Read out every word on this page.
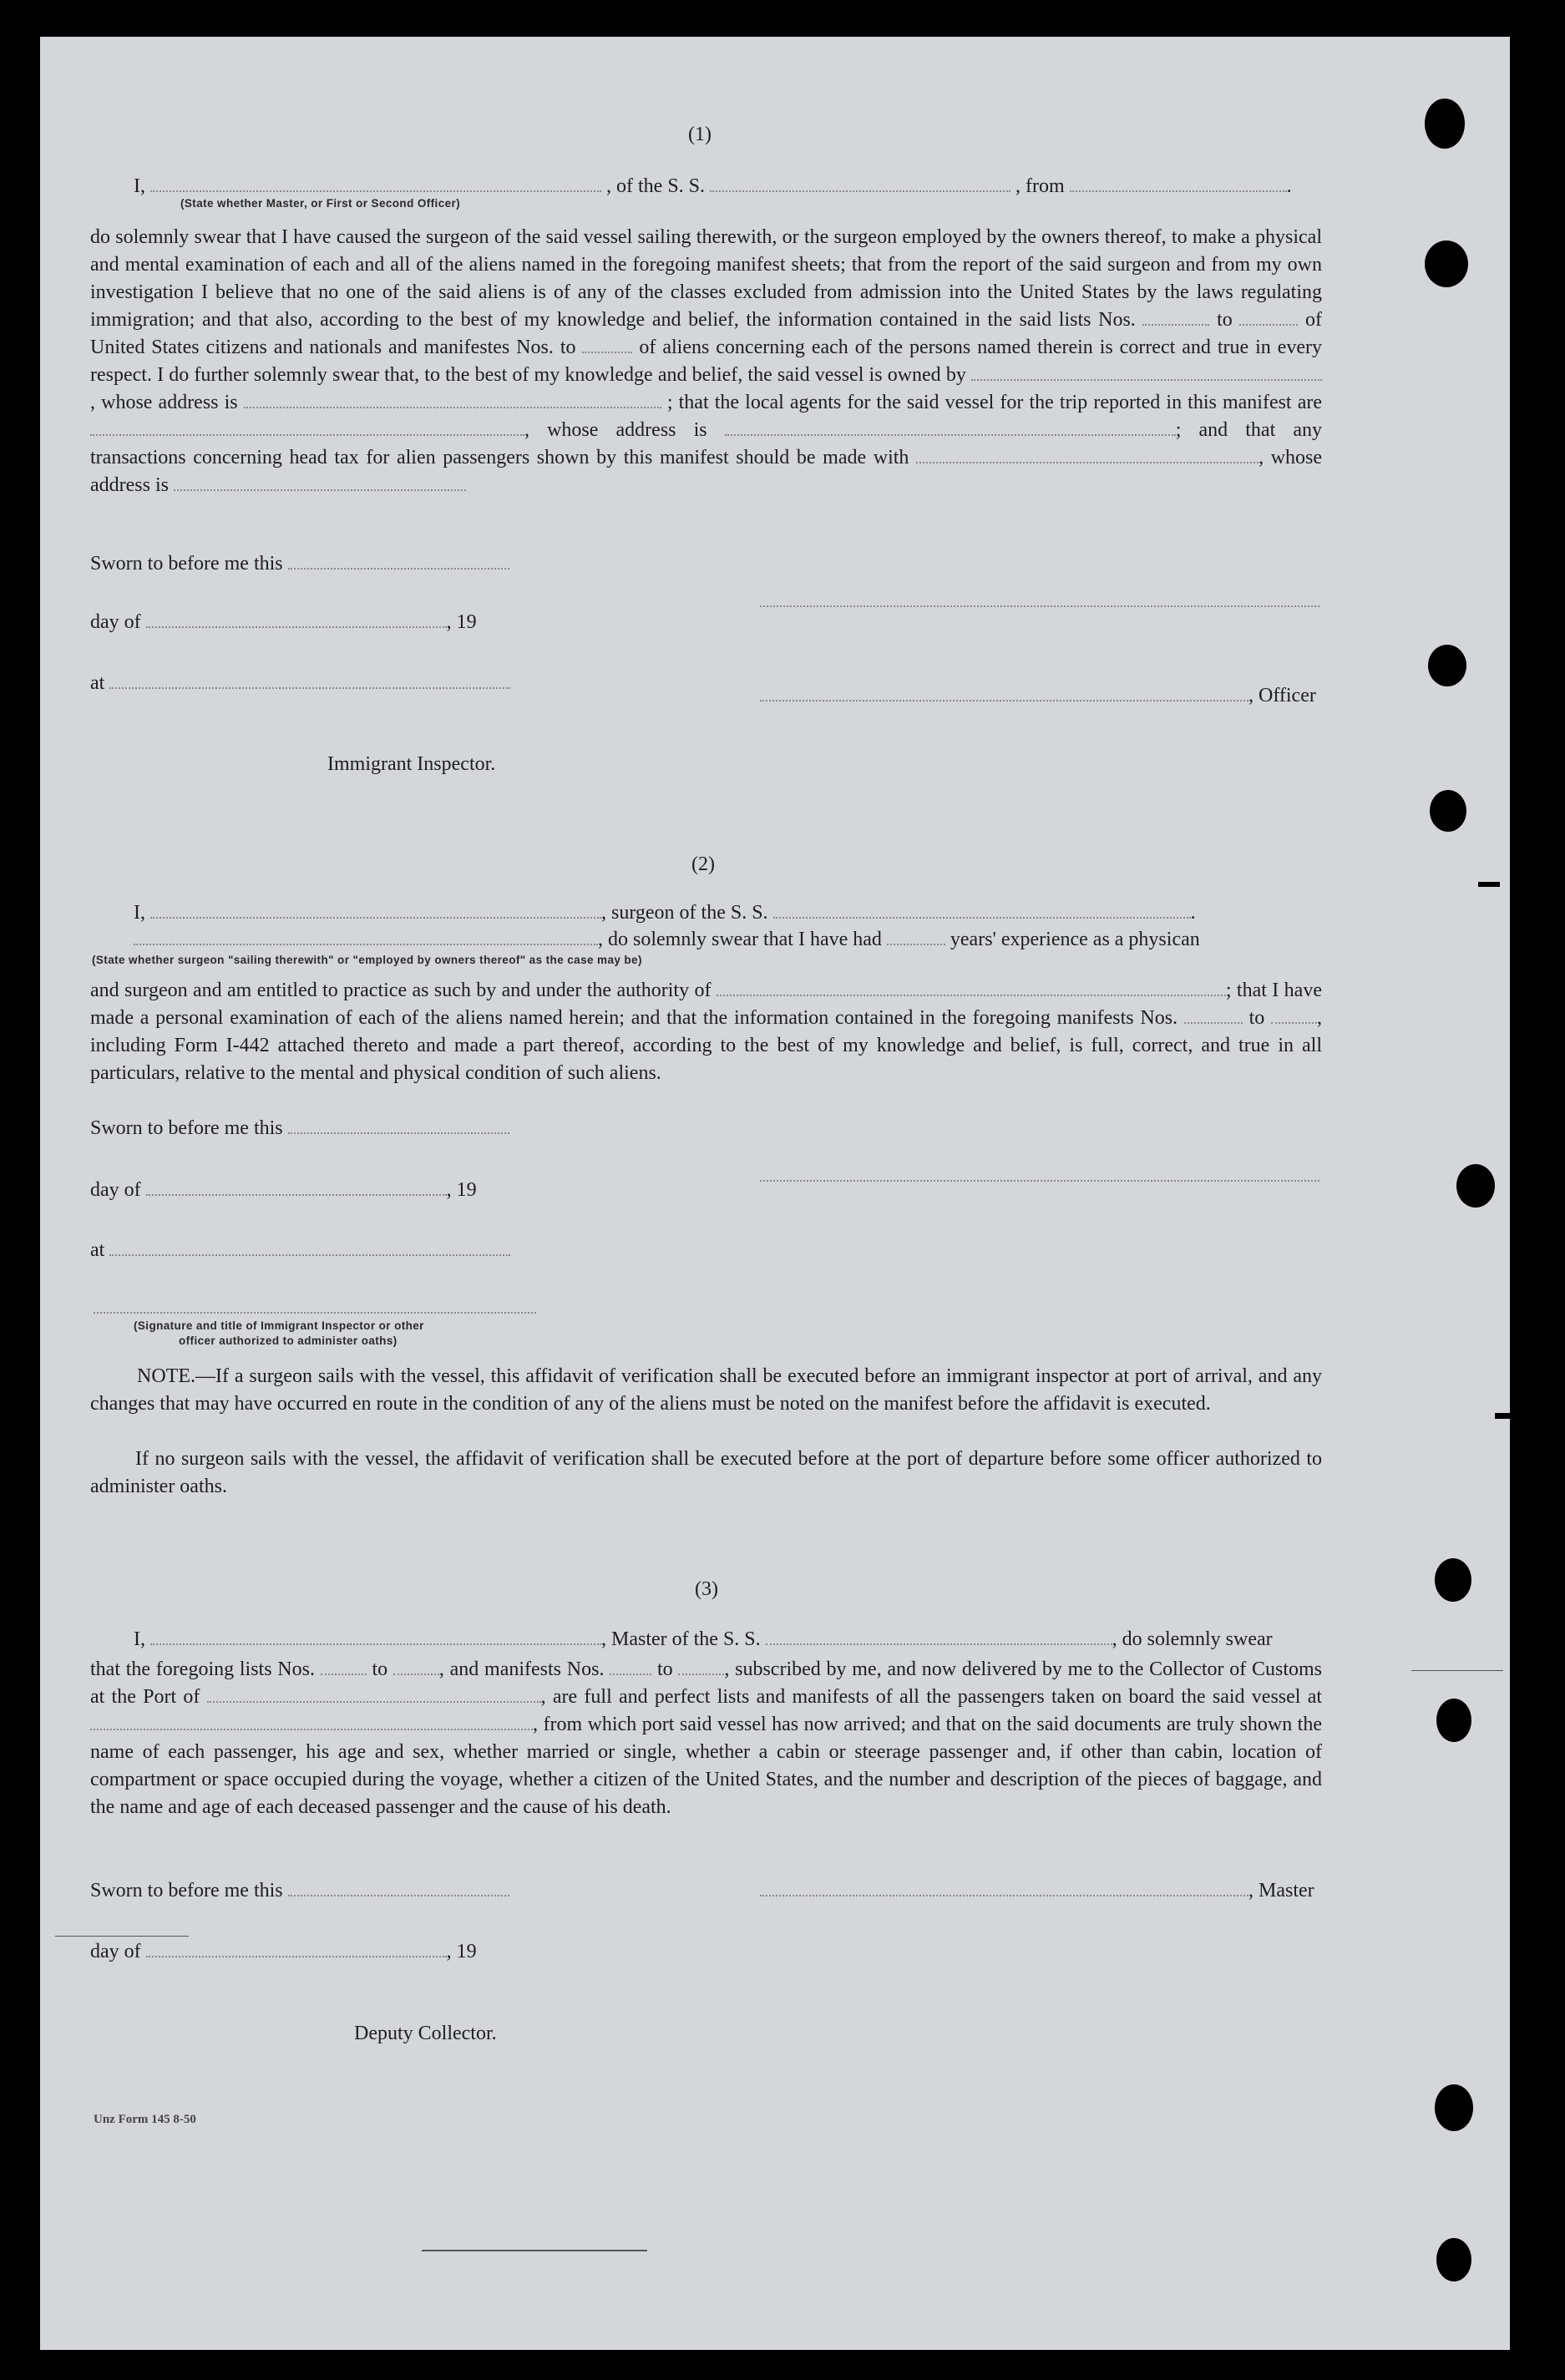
(1)
I,	, of the S. S.	, from	.
(State whether Master, or First or Second Officer)
do solemnly swear that I have caused the surgeon of the said vessel sailing therewith, or the surgeon employed by the owners thereof, to make a physical and mental examination of each and all of the aliens named in the foregoing manifest sheets; that from the report of the said surgeon and from my own investigation I believe that no one of the said aliens is of any of the classes excluded from admission into the United States by the laws regulating immigration; and that also, according to the best of my knowledge and belief, the information contained in the said lists Nos.	to	of United States citizens and nationals and manifestes Nos. to	of aliens concerning each of the persons named therein is correct and true in every respect. I do further solemnly swear that, to the best of my knowledge and belief, the said vessel is owned by , whose address is	; that the local agents for the said vessel for the trip reported in this manifest are , whose address is	; and that any transactions concerning head tax for alien passengers shown by this manifest should be made with	, whose address is
Sworn to before me this
day of	, 19
at
, Officer
Immigrant Inspector.
(2)
I,	, surgeon of the S. S.	.
, do solemnly swear that I have had	years' experience as a physican
(State whether surgeon "sailing therewith" or "employed by owners thereof" as the case may be)
and surgeon and am entitled to practice as such by and under the authority of	; that I have made a personal examination of each of the aliens named herein; and that the information contained in the foregoing manifests Nos.	to	, including Form I-442 attached thereto and made a part thereof, according to the best of my knowledge and belief, is full, correct, and true in all particulars, relative to the mental and physical condition of such aliens.
Sworn to before me this
day of	, 19
at
(Signature and title of Immigrant Inspector or other
officer authorized to administer oaths)
NOTE.—If a surgeon sails with the vessel, this affidavit of verification shall be executed before an immigrant inspector at port of arrival, and any changes that may have occurred en route in the condition of any of the aliens must be noted on the manifest before the affidavit is executed.
If no surgeon sails with the vessel, the affidavit of verification shall be executed before at the port of departure before some officer authorized to administer oaths.
(3)
I,	, Master of the S. S.	, do solemnly swear
that the foregoing lists Nos.	to	, and manifests Nos.	to	, subscribed by me, and now delivered by me to the Collector of Customs at the Port of	, are full and perfect lists and manifests of all the passengers taken on board the said vessel at , from which port said vessel has now arrived; and that on the said documents are truly shown the name of each passenger, his age and sex, whether married or single, whether a cabin or steerage passenger and, if other than cabin, location of compartment or space occupied during the voyage, whether a citizen of the United States, and the number and description of the pieces of baggage, and the name and age of each deceased passenger and the cause of his death.
Sworn to before me this	, Master
day of	, 19
Deputy Collector.
Unz Form 145 8-50
